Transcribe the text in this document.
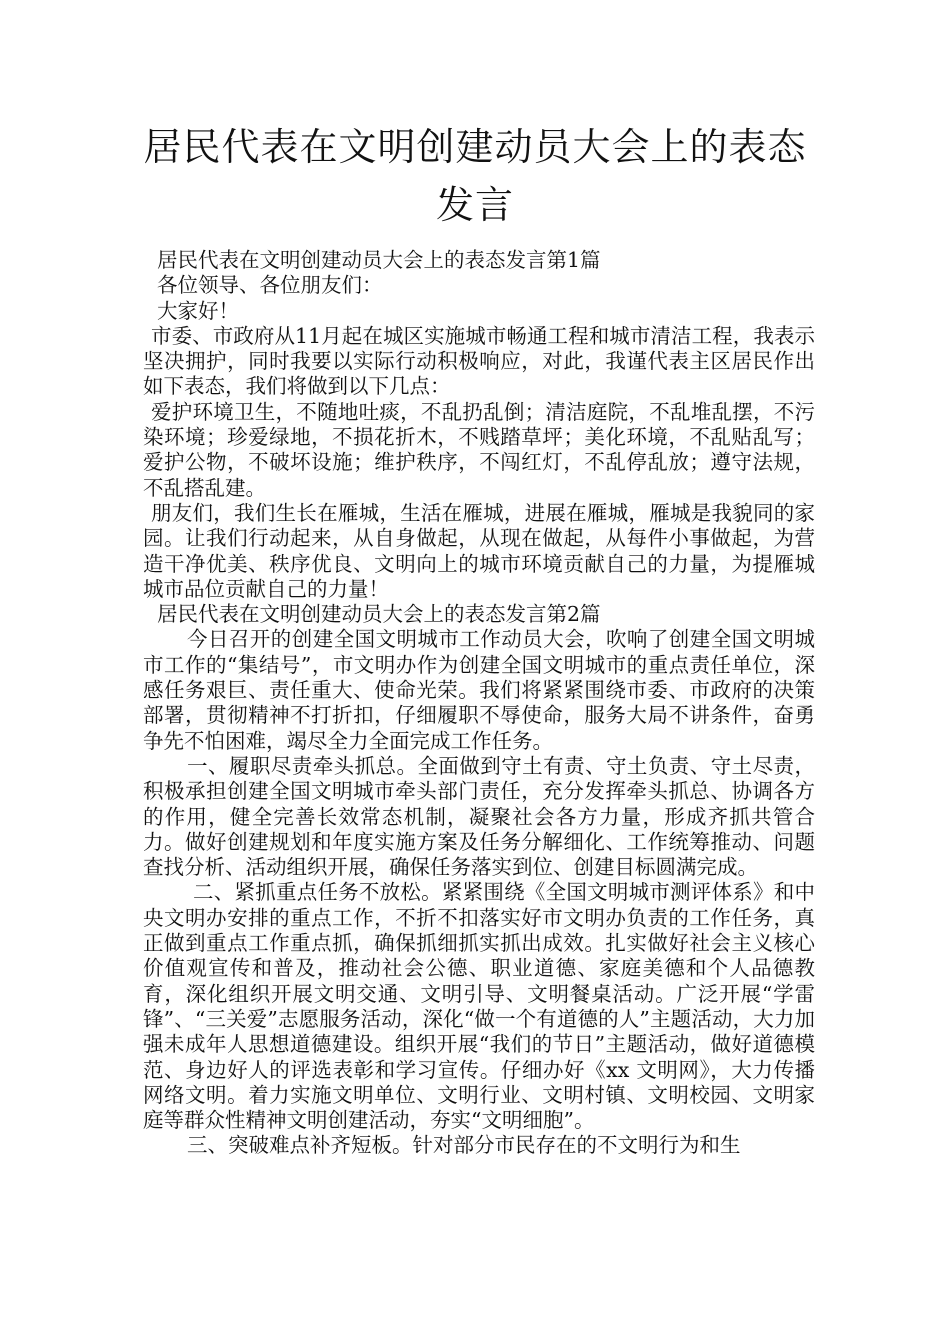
居民代表在文明创建动员大会上的表态发言

居民代表在文明创建动员大会上的表态发言第1篇

各位领导、各位朋友们：

大家好！

市委、市政府从11月起在城区实施城市畅通工程和城市清洁工程，我表示坚决拥护，同时我要以实际行动积极响应，对此，我谨代表主区居民作出如下表态，我们将做到以下几点：

爱护环境卫生，不随地吐痰，不乱扔乱倒；清洁庭院，不乱堆乱摆，不污染环境；珍爱绿地，不损花折木，不贱踏草坪；美化环境，不乱贴乱写；爱护公物，不破坏设施；维护秩序，不闯红灯，不乱停乱放；遵守法规，不乱搭乱建。

朋友们，我们生长在雁城，生活在雁城，进展在雁城，雁城是我貌同的家园。让我们行动起来，从自身做起，从现在做起，从每件小事做起，为营造干净优美、秩序优良、文明向上的城市环境贡献自己的力量，为提雁城城市品位贡献自己的力量！

居民代表在文明创建动员大会上的表态发言第2篇

今日召开的创建全国文明城市工作动员大会，吹响了创建全国文明城市工作的“集结号”，市文明办作为创建全国文明城市的重点责任单位，深感任务艰巨、责任重大、使命光荣。我们将紧紧围绕市委、市政府的决策部署，贯彻精神不打折扣，仔细履职不辱使命，服务大局不讲条件，奋勇争先不怕困难，竭尽全力全面完成工作任务。

一、履职尽责牵头抓总。全面做到守土有责、守土负责、守土尽责，积极承担创建全国文明城市牵头部门责任，充分发挥牵头抓总、协调各方的作用，健全完善长效常态机制，凝聚社会各方力量，形成齐抓共管合力。做好创建规划和年度实施方案及任务分解细化、工作统筹推动、问题查找分析、活动组织开展，确保任务落实到位、创建目标圆满完成。

二、紧抓重点任务不放松。紧紧围绕《全国文明城市测评体系》和中央文明办安排的重点工作，不折不扣落实好市文明办负责的工作任务，真正做到重点工作重点抓，确保抓细抓实抓出成效。扎实做好社会主义核心价值观宣传和普及，推动社会公德、职业道德、家庭美德和个人品德教育，深化组织开展文明交通、文明引导、文明餐桌活动。广泛开展“学雷锋”、“三关爱”志愿服务活动，深化“做一个有道德的人”主题活动，大力加强未成年人思想道德建设。组织开展“我们的节日”主题活动，做好道德模范、身边好人的评选表彰和学习宣传。仔细办好《xx 文明网》，大力传播网络文明。着力实施文明单位、文明行业、文明村镇、文明校园、文明家庭等群众性精神文明创建活动，夯实“文明细胞”。

三、突破难点补齐短板。针对部分市民存在的不文明行为和生
